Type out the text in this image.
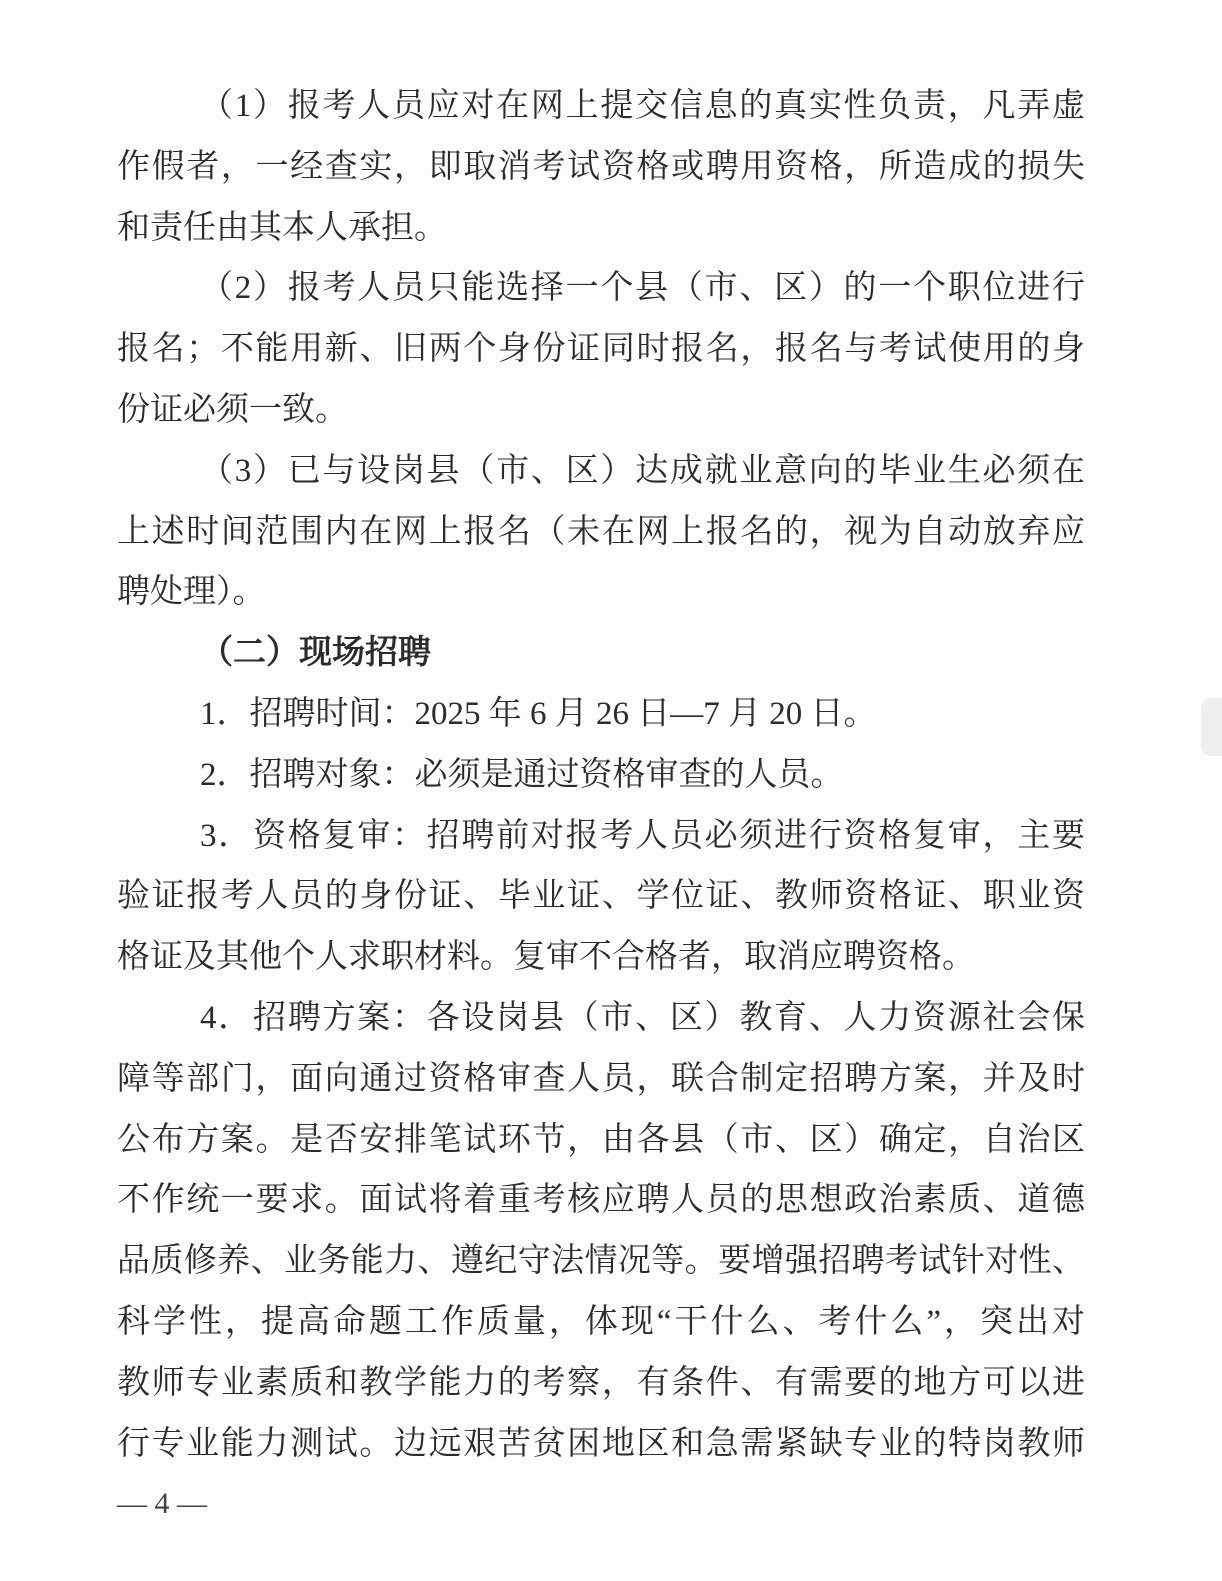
（1）报考人员应对在网上提交信息的真实性负责，凡弄虚
作假者，一经查实，即取消考试资格或聘用资格，所造成的损失
和责任由其本人承担。
（2）报考人员只能选择一个县（市、区）的一个职位进行
报名；不能用新、旧两个身份证同时报名，报名与考试使用的身
份证必须一致。
（3）已与设岗县（市、区）达成就业意向的毕业生必须在
上述时间范围内在网上报名（未在网上报名的，视为自动放弃应
聘处理）。
（二）现场招聘
1．招聘时间：2025 年 6 月 26 日—7 月 20 日。
2．招聘对象：必须是通过资格审查的人员。
3．资格复审：招聘前对报考人员必须进行资格复审，主要
验证报考人员的身份证、毕业证、学位证、教师资格证、职业资
格证及其他个人求职材料。复审不合格者，取消应聘资格。
4．招聘方案：各设岗县（市、区）教育、人力资源社会保
障等部门，面向通过资格审查人员，联合制定招聘方案，并及时
公布方案。是否安排笔试环节，由各县（市、区）确定，自治区
不作统一要求。面试将着重考核应聘人员的思想政治素质、道德
品质修养、业务能力、遵纪守法情况等。要增强招聘考试针对性、
科学性，提高命题工作质量，体现“干什么、考什么”，突出对
教师专业素质和教学能力的考察，有条件、有需要的地方可以进
行专业能力测试。边远艰苦贫困地区和急需紧缺专业的特岗教师
— 4 —
